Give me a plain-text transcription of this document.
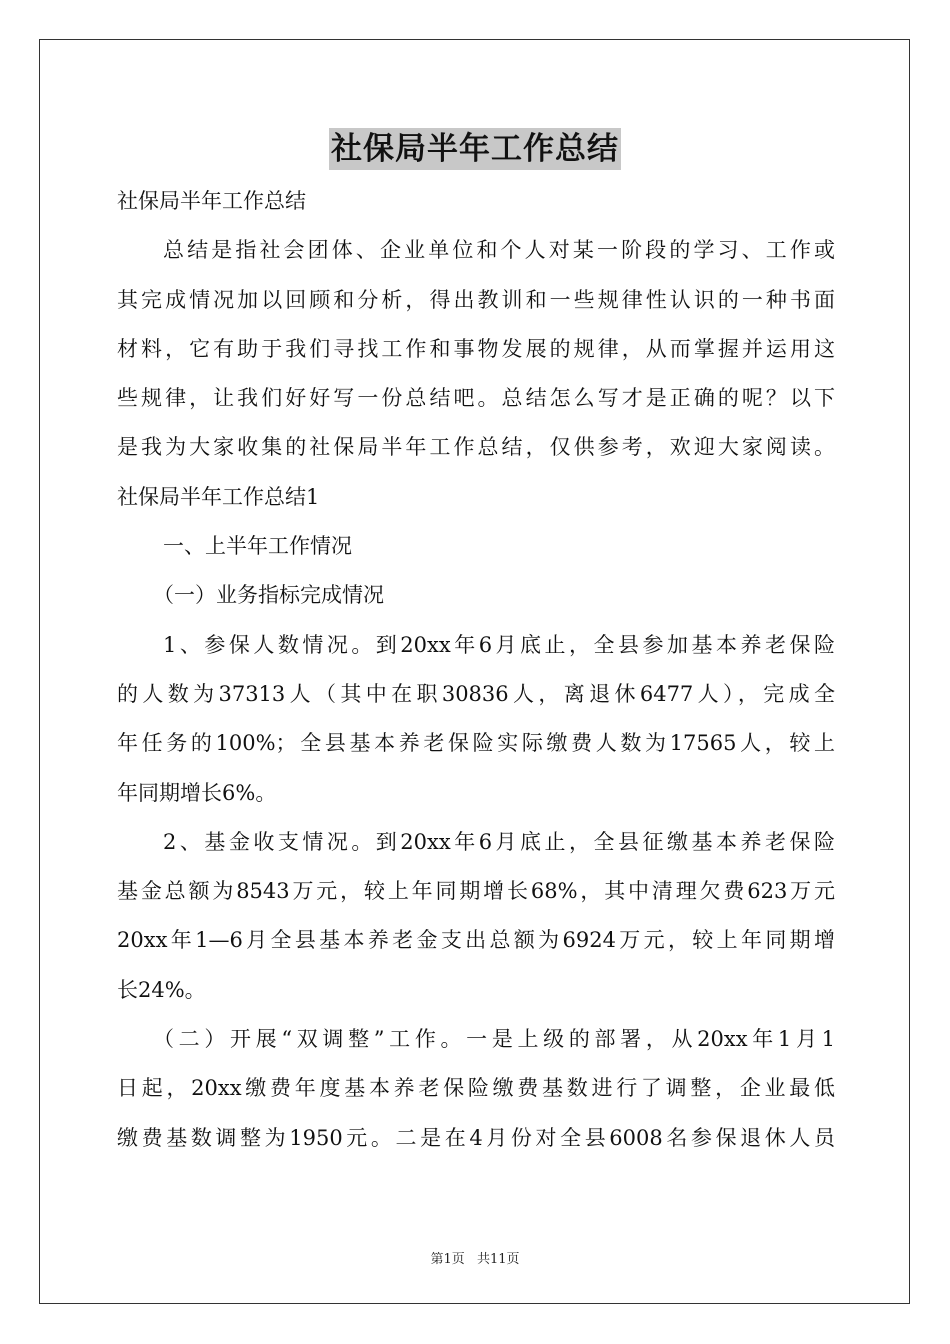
社保局半年工作总结
社保局半年工作总结
总结是指社会团体、企业单位和个人对某一阶段的学习、工作或
其完成情况加以回顾和分析，得出教训和一些规律性认识的一种书面
材料，它有助于我们寻找工作和事物发展的规律，从而掌握并运用这
些规律，让我们好好写一份总结吧。总结怎么写才是正确的呢？以下
是我为大家收集的社保局半年工作总结，仅供参考，欢迎大家阅读。
社保局半年工作总结1
一、上半年工作情况
（一）业务指标完成情况
1、参保人数情况。到20xx年6月底止，全县参加基本养老保险
的人数为37313人（其中在职30836人，离退休6477人），完成全
年任务的100%；全县基本养老保险实际缴费人数为17565人，较上
年同期增长6%。
2、基金收支情况。到20xx年6月底止，全县征缴基本养老保险
基金总额为8543万元，较上年同期增长68%，其中清理欠费623万元
20xx年1—6月全县基本养老金支出总额为6924万元，较上年同期增
长24%。
（二）开展“双调整”工作。一是上级的部署，从20xx年1月1
日起，20xx缴费年度基本养老保险缴费基数进行了调整，企业最低
缴费基数调整为1950元。二是在4月份对全县6008名参保退休人员
第1页 共11页
